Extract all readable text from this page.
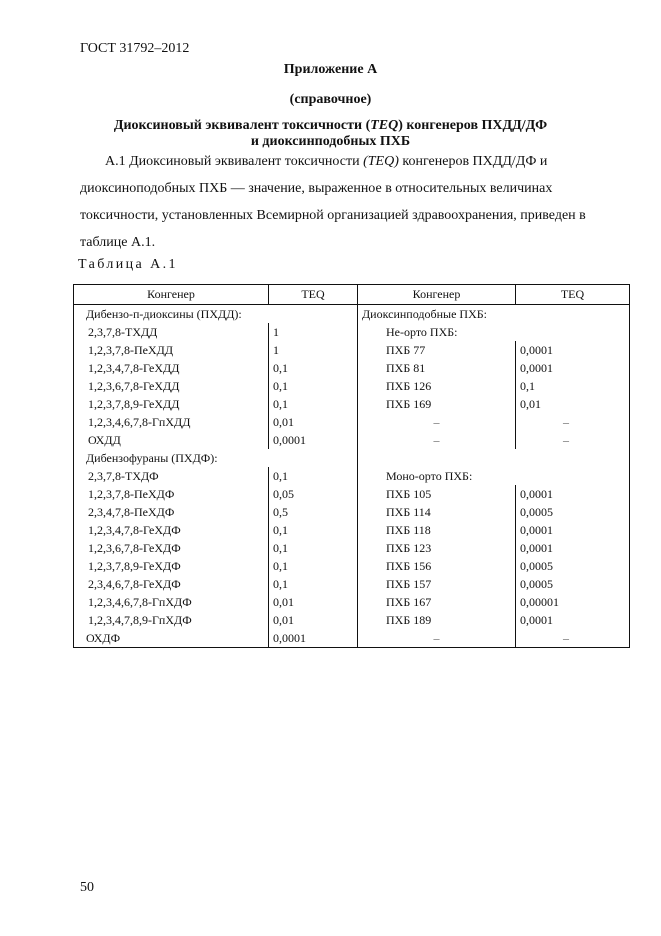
ГОСТ 31792–2012
Приложение А
(справочное)
Диоксиновый эквивалент токсичности (TEQ) конгенеров ПХДД/ДФ
и диоксинподобных ПХБ
А.1 Диоксиновый эквивалент токсичности (TEQ) конгенеров ПХДД/ДФ и диоксиноподобных ПХБ — значение, выраженное в относительных величинах токсичности, установленных Всемирной организацией здравоохранения, приведен в таблице А.1.
Таблица А.1
Конгенер	TEQ	Конгенер	TEQ
Дибензо-п-диоксины (ПХДД):		Диоксинподобные ПХБ:	
2,3,7,8-ТХДД	1	Не-орто ПХБ:	
1,2,3,7,8-ПеХДД	1	ПХБ 77	0,0001
1,2,3,4,7,8-ГеХДД	0,1	ПХБ 81	0,0001
1,2,3,6,7,8-ГеХДД	0,1	ПХБ 126	0,1
1,2,3,7,8,9-ГеХДД	0,1	ПХБ 169	0,01
1,2,3,4,6,7,8-ГпХДД	0,01	–	–
ОХДД	0,0001	–	–
Дибензофураны (ПХДФ):			
2,3,7,8-ТХДФ	0,1	Моно-орто ПХБ:	
1,2,3,7,8-ПеХДФ	0,05	ПХБ 105	0,0001
2,3,4,7,8-ПеХДФ	0,5	ПХБ 114	0,0005
1,2,3,4,7,8-ГеХДФ	0,1	ПХБ 118	0,0001
1,2,3,6,7,8-ГеХДФ	0,1	ПХБ 123	0,0001
1,2,3,7,8,9-ГеХДФ	0,1	ПХБ 156	0,0005
2,3,4,6,7,8-ГеХДФ	0,1	ПХБ 157	0,0005
1,2,3,4,6,7,8-ГпХДФ	0,01	ПХБ 167	0,00001
1,2,3,4,7,8,9-ГпХДФ	0,01	ПХБ 189	0,0001
ОХДФ	0,0001	–	–
50
